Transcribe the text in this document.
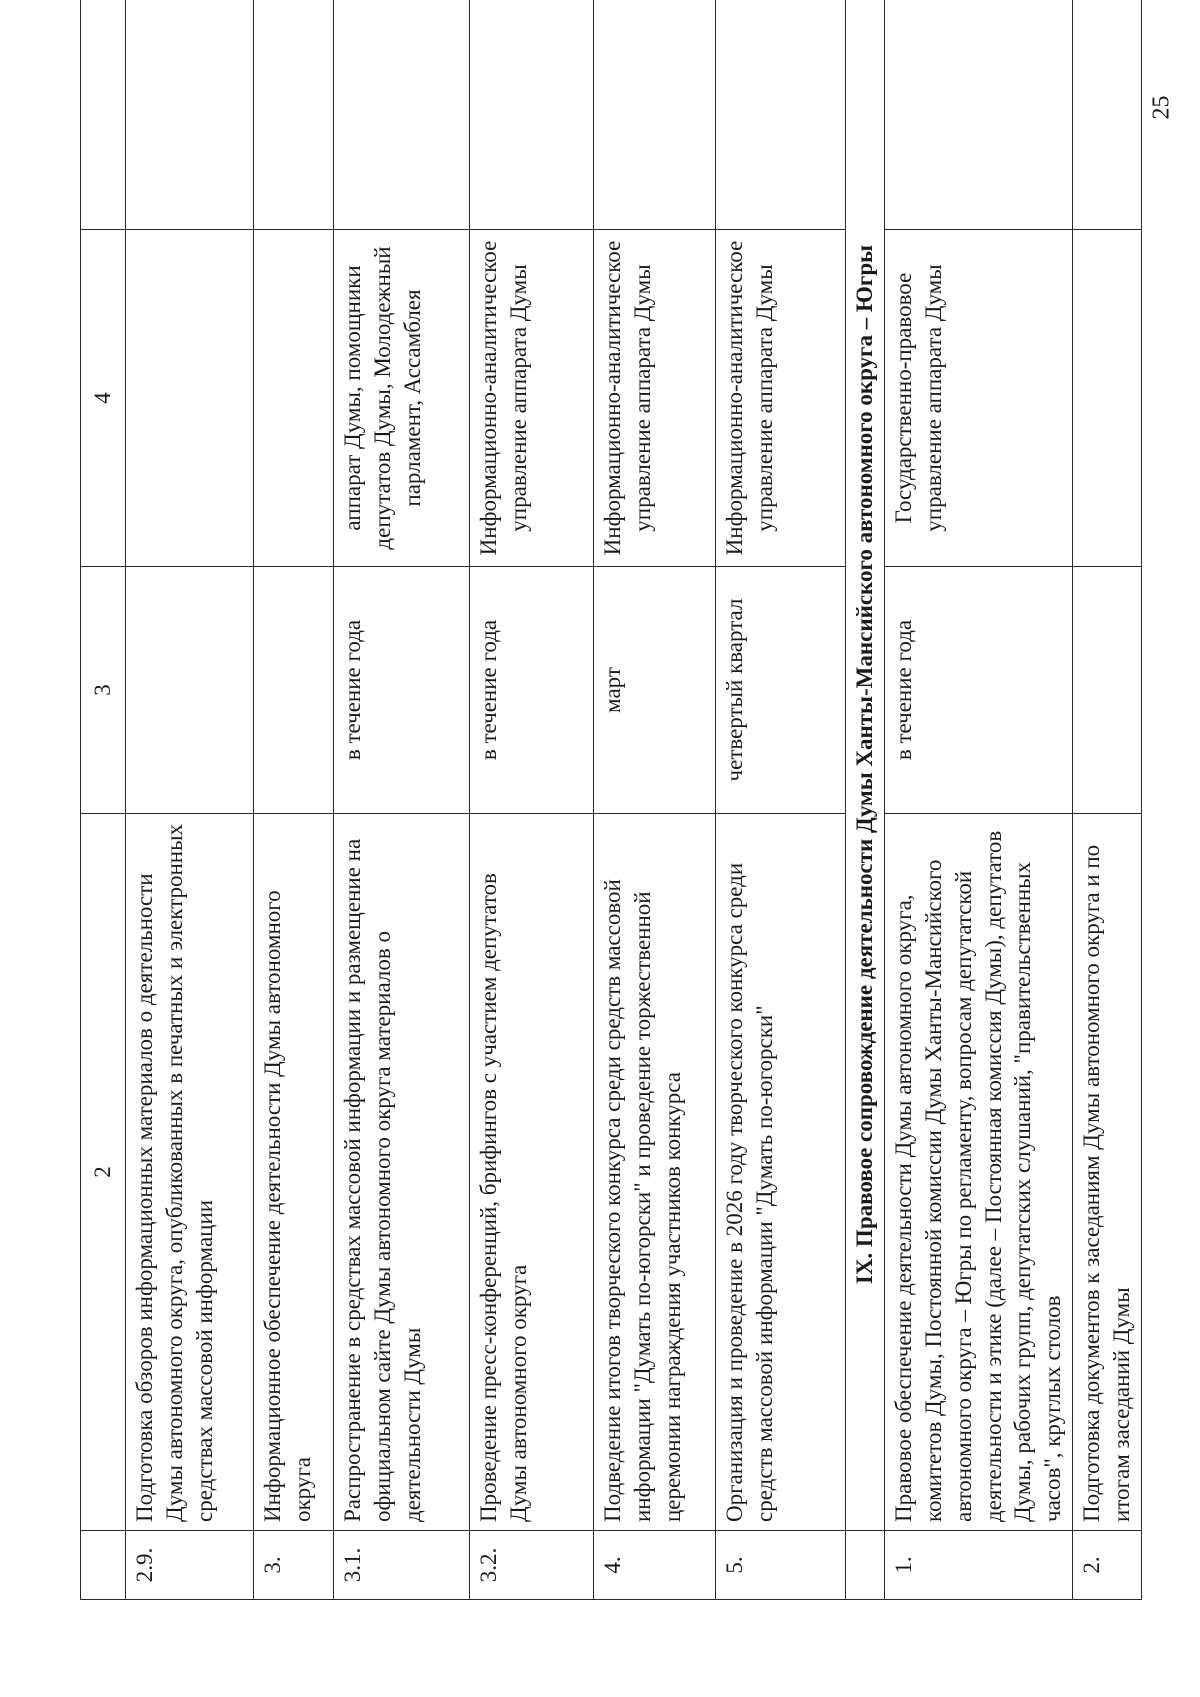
25
	2	3	4	
2.9.	Подготовка обзоров информационных материалов о деятельности Думы автономного округа, опубликованных в печатных и электронных средствах массовой информации			
3.	Информационное обеспечение деятельности Думы автономного округа			
3.1.	Распространение в средствах массовой информации и размещение на официальном сайте Думы автономного округа материалов о деятельности Думы	в течение года	аппарат Думы, помощники депутатов Думы, Молодежный парламент, Ассамблея	
3.2.	Проведение пресс-конференций, брифингов с участием депутатов Думы автономного округа	в течение года	Информационно-аналитическое управление аппарата Думы	
4.	Подведение итогов творческого конкурса среди средств массовой информации "Думать по-югорски" и проведение торжественной церемонии награждения участников конкурса	март	Информационно-аналитическое управление аппарата Думы	
5.	Организация и проведение в 2026 году творческого конкурса среди средств массовой информации "Думать по-югорски"	четвертый квартал	Информационно-аналитическое управление аппарата Думы	
	IX. Правовое сопровождение деятельности Думы Ханты-Мансийского автономного округа – Югры			
1.	Правовое обеспечение деятельности Думы автономного округа, комитетов Думы, Постоянной комиссии Думы Ханты-Мансийского автономного округа – Югры по регламенту, вопросам депутатской деятельности и этике (далее – Постоянная комиссия Думы), депутатов Думы, рабочих групп, депутатских слушаний, "правительственных часов", круглых столов	в течение года	Государственно-правовое управление аппарата Думы	
2.	Подготовка документов к заседаниям Думы автономного округа и по итогам заседаний Думы			
